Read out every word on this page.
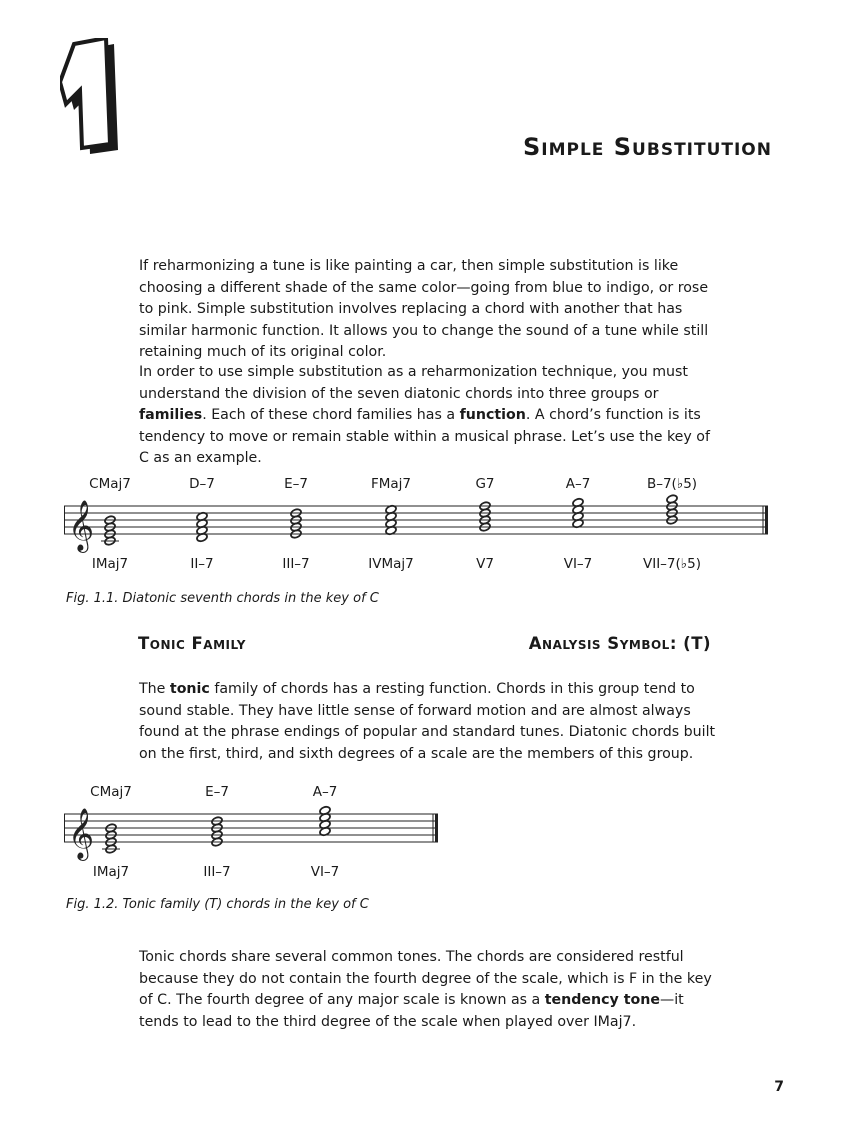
Simple Substitution

If reharmonizing a tune is like painting a car, then simple substitution is like choosing a different shade of the same color—going from blue to indigo, or rose to pink. Simple substitution involves replacing a chord with another that has similar harmonic function. It allows you to change the sound of a tune while still retaining much of its original color.

In order to use simple substitution as a reharmonization technique, you must understand the division of the seven diatonic chords into three groups or families. Each of these chord families has a function. A chord’s function is its tendency to move or remain stable within a musical phrase. Let’s use the key of C as an example.

𝄞
CMaj7
IMaj7
D–7
II–7
E–7
III–7
FMaj7
IVMaj7
G7
V7
A–7
VI–7
B–7(♭5)
VII–7(♭5)
Fig. 1.1. Diatonic seventh chords in the key of C
Tonic Family	Analysis Symbol: (T)

The tonic family of chords has a resting function. Chords in this group tend to sound stable. They have little sense of forward motion and are almost always found at the phrase endings of popular and standard tunes. Diatonic chords built on the first, third, and sixth degrees of a scale are the members of this group.

𝄞
CMaj7
IMaj7
E–7
III–7
A–7
VI–7
Fig. 1.2. Tonic family (T) chords in the key of C

Tonic chords share several common tones. The chords are considered restful because they do not contain the fourth degree of the scale, which is F in the key of C. The fourth degree of any major scale is known as a tendency tone—it tends to lead to the third degree of the scale when played over IMaj7.

7
